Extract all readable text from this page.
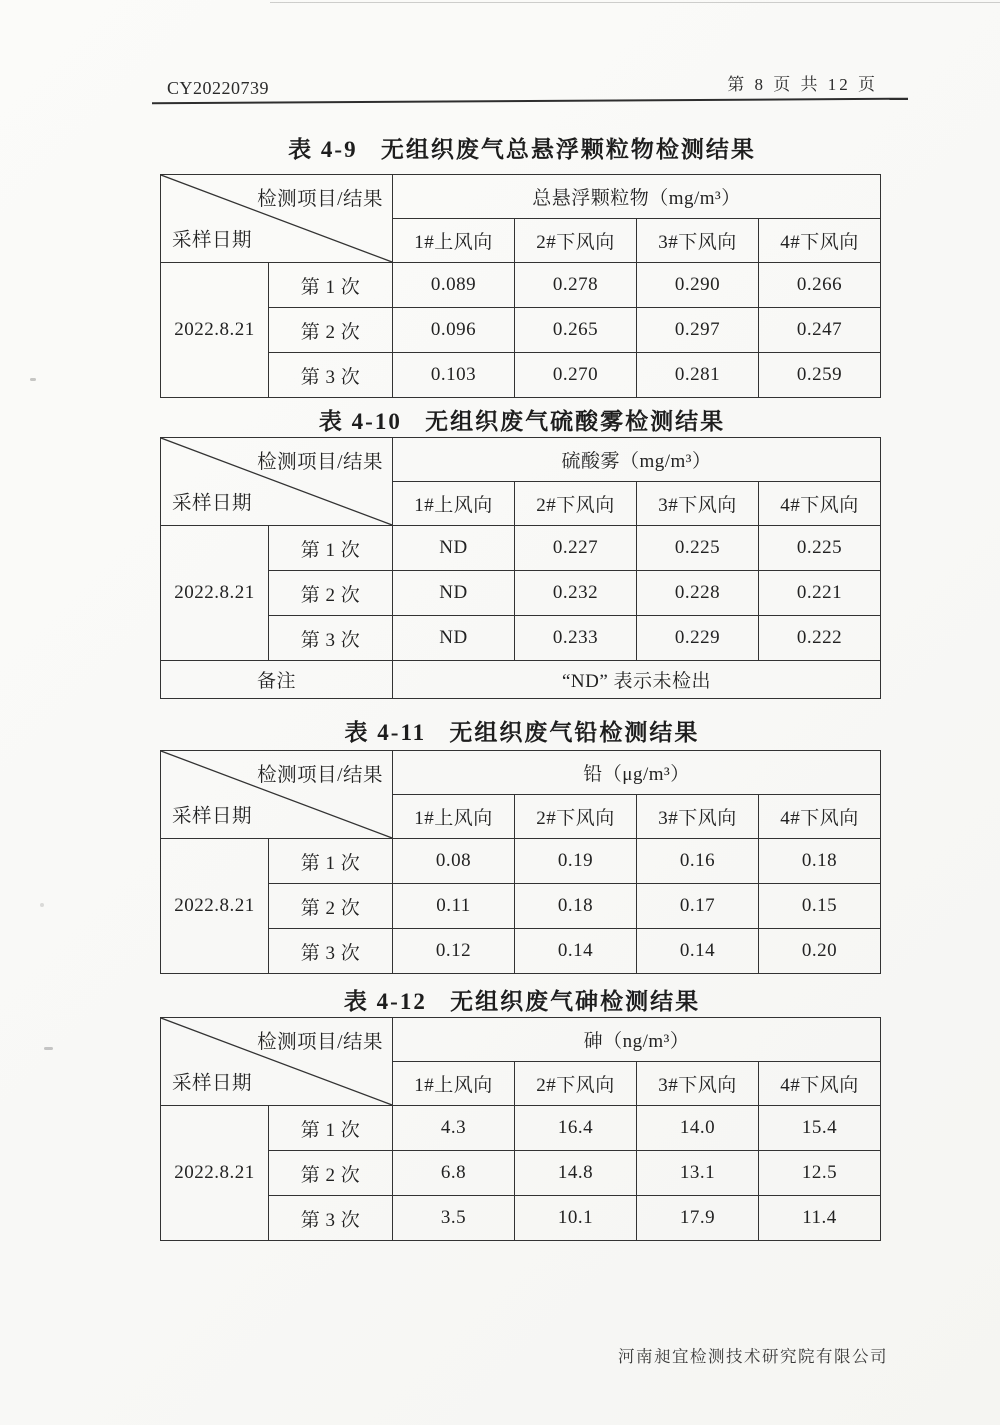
CY20220739	第 8 页 共 12 页
表 4-9   无组织废气总悬浮颗粒物检测结果
检测项目/结果
采样日期		总悬浮颗粒物（mg/m³）			
		1#上风向	2#下风向	3#下风向	4#下风向
2022.8.21	第 1 次	0.089	0.278	0.290	0.266
	第 2 次	0.096	0.265	0.297	0.247
	第 3 次	0.103	0.270	0.281	0.259
表 4-10   无组织废气硫酸雾检测结果
检测项目/结果
采样日期		硫酸雾（mg/m³）			
		1#上风向	2#下风向	3#下风向	4#下风向
2022.8.21	第 1 次	ND	0.227	0.225	0.225
	第 2 次	ND	0.232	0.228	0.221
	第 3 次	ND	0.233	0.229	0.222
备注		“ND” 表示未检出			
表 4-11   无组织废气铅检测结果
检测项目/结果
采样日期		铅（μg/m³）			
		1#上风向	2#下风向	3#下风向	4#下风向
2022.8.21	第 1 次	0.08	0.19	0.16	0.18
	第 2 次	0.11	0.18	0.17	0.15
	第 3 次	0.12	0.14	0.14	0.20
表 4-12   无组织废气砷检测结果
检测项目/结果
采样日期		砷（ng/m³）			
		1#上风向	2#下风向	3#下风向	4#下风向
2022.8.21	第 1 次	4.3	16.4	14.0	15.4
	第 2 次	6.8	14.8	13.1	12.5
	第 3 次	3.5	10.1	17.9	11.4
河南昶宜检测技术研究院有限公司
